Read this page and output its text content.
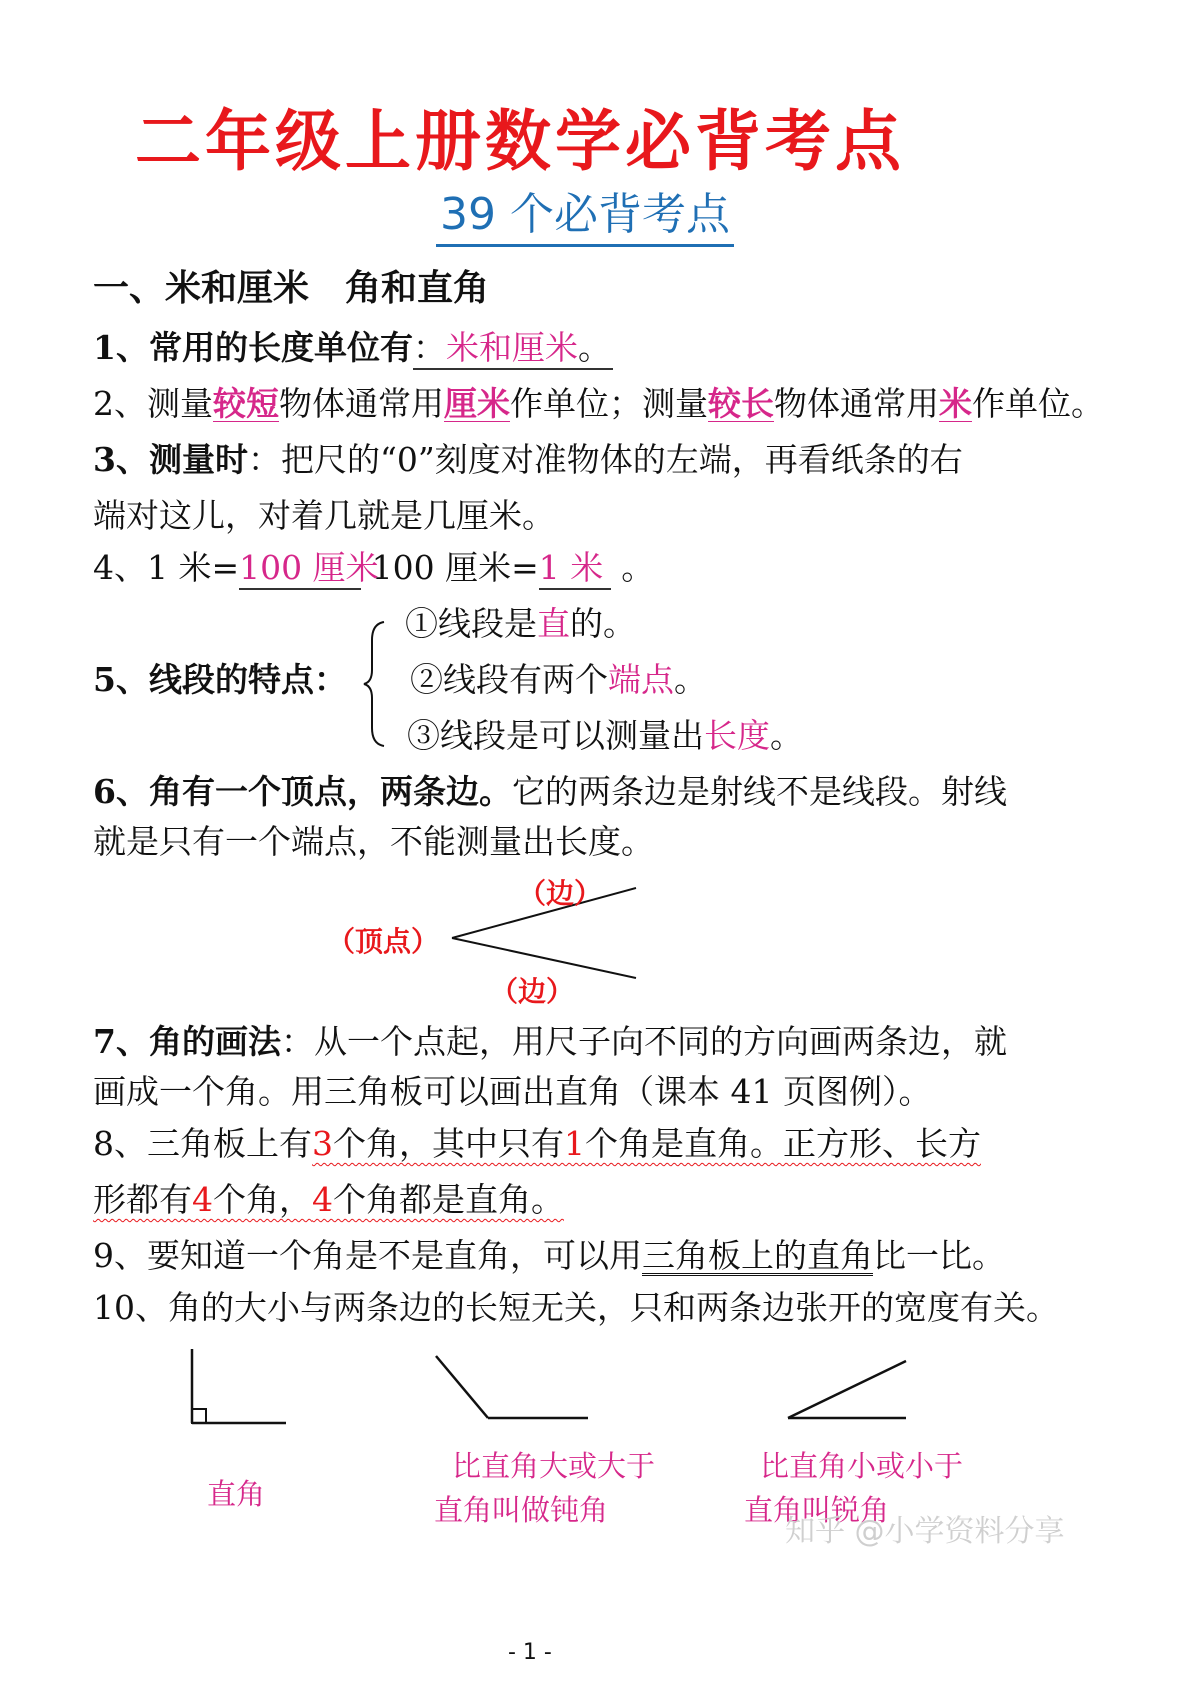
二年级上册数学必背考点
39 个必背考点
一、米和厘米　角和直角
1、常用的长度单位有：米和厘米。
2、测量较短物体通常用厘米作单位；测量较长物体通常用米作单位。
3、测量时：把尺的“0”刻度对准物体的左端，再看纸条的右
端对这儿，对着几就是几厘米。
4、1 米=100 厘米 100 厘米=1 米 。
5、线段的特点：
①线段是直的。
②线段有两个端点。
③线段是可以测量出长度。
6、角有一个顶点，两条边。它的两条边是射线不是线段。射线
就是只有一个端点，不能测量出长度。
（边）
（顶点）
（边）
7、角的画法：从一个点起，用尺子向不同的方向画两条边，就
画成一个角。用三角板可以画出直角（课本 41 页图例）。
8、三角板上有3个角，其中只有1个角是直角。正方形、长方
形都有4个角，4个角都是直角。
9、要知道一个角是不是直角，可以用三角板上的直角比一比。
10、角的大小与两条边的长短无关，只和两条边张开的宽度有关。
直角
比直角大或大于
直角叫做钝角
比直角小或小于
直角叫锐角
知乎 @小学资料分享
- 1 -
